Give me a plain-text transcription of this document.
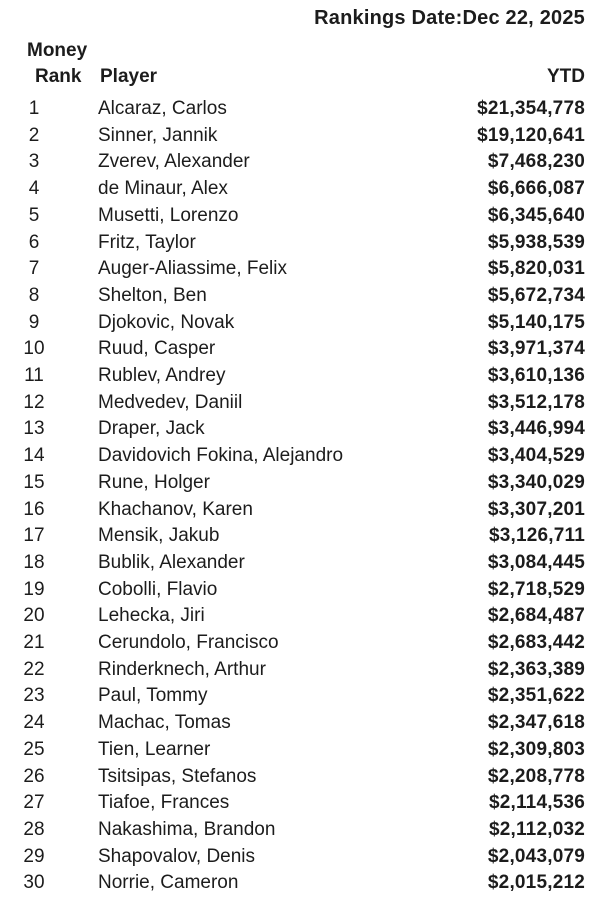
Rankings Date:Dec 22, 2025
Money
Rank Player	YTD
1	Alcaraz, Carlos	$21,354,778
2	Sinner, Jannik	$19,120,641
3	Zverev, Alexander	$7,468,230
4	de Minaur, Alex	$6,666,087
5	Musetti, Lorenzo	$6,345,640
6	Fritz, Taylor	$5,938,539
7	Auger-Aliassime, Felix	$5,820,031
8	Shelton, Ben	$5,672,734
9	Djokovic, Novak	$5,140,175
10	Ruud, Casper	$3,971,374
11	Rublev, Andrey	$3,610,136
12	Medvedev, Daniil	$3,512,178
13	Draper, Jack	$3,446,994
14	Davidovich Fokina, Alejandro	$3,404,529
15	Rune, Holger	$3,340,029
16	Khachanov, Karen	$3,307,201
17	Mensik, Jakub	$3,126,711
18	Bublik, Alexander	$3,084,445
19	Cobolli, Flavio	$2,718,529
20	Lehecka, Jiri	$2,684,487
21	Cerundolo, Francisco	$2,683,442
22	Rinderknech, Arthur	$2,363,389
23	Paul, Tommy	$2,351,622
24	Machac, Tomas	$2,347,618
25	Tien, Learner	$2,309,803
26	Tsitsipas, Stefanos	$2,208,778
27	Tiafoe, Frances	$2,114,536
28	Nakashima, Brandon	$2,112,032
29	Shapovalov, Denis	$2,043,079
30	Norrie, Cameron	$2,015,212
